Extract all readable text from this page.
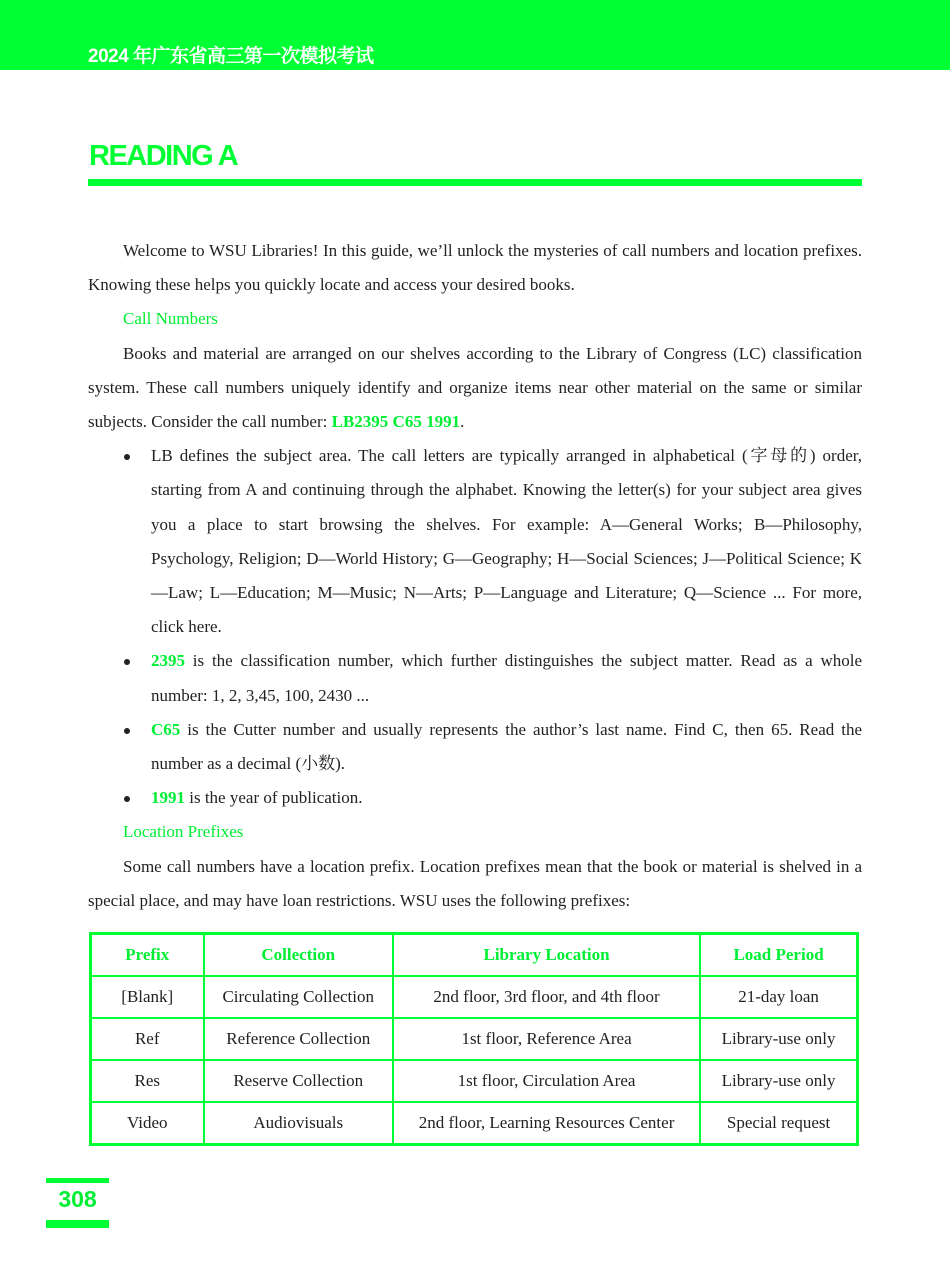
2024 年广东省高三第一次模拟考试
READING A

Welcome to WSU Libraries! In this guide, we’ll unlock the mysteries of call numbers and location prefixes. Knowing these helps you quickly locate and access your desired books.

Call Numbers

Books and material are arranged on our shelves according to the Library of Congress (LC) classification system. These call numbers uniquely identify and organize items near other material on the same or similar subjects. Consider the call number: LB2395 C65 1991.

LB defines the subject area. The call letters are typically arranged in alphabetical (字母的) order, starting from A and continuing through the alphabet. Knowing the letter(s) for your subject area gives you a place to start browsing the shelves. For example: A—General Works; B—Philosophy, Psychology, Religion; D—World History; G—Geography; H—Social Sciences; J—Political Science; K—Law; L—Education; M—Music; N—Arts; P—Language and Literature; Q—Science ... For more, click here.
2395 is the classification number, which further distinguishes the subject matter. Read as a whole number: 1, 2, 3,45, 100, 2430 ...
C65 is the Cutter number and usually represents the author’s last name. Find C, then 65. Read the number as a decimal (小数).
1991 is the year of publication.

Location Prefixes

Some call numbers have a location prefix. Location prefixes mean that the book or material is shelved in a special place, and may have loan restrictions. WSU uses the following prefixes:

Prefix	Collection	Library Location	Load Period
[Blank]	Circulating Collection	2nd floor, 3rd floor, and 4th floor	21-day loan
Ref	Reference Collection	1st floor, Reference Area	Library-use only
Res	Reserve Collection	1st floor, Circulation Area	Library-use only
Video	Audiovisuals	2nd floor, Learning Resources Center	Special request
308
